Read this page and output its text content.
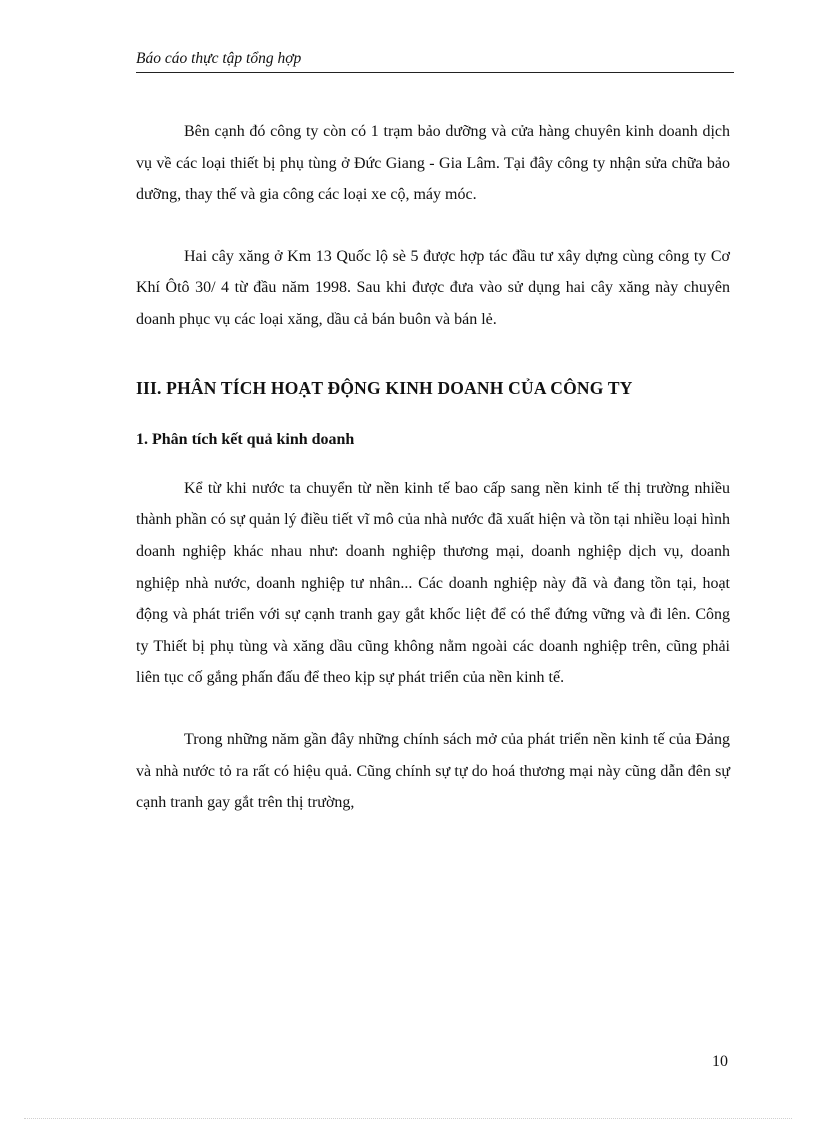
Báo cáo thực tập tổng hợp

Bên cạnh đó công ty còn có 1 trạm bảo dưỡng và cửa hàng chuyên kinh doanh dịch vụ về các loại thiết bị phụ tùng ở Đức Giang - Gia Lâm. Tại đây công ty nhận sửa chữa bảo dưỡng, thay thế và gia công các loại xe cộ, máy móc.

Hai cây xăng ở Km 13 Quốc lộ sè 5 được hợp tác đầu tư xây dựng cùng công ty Cơ Khí Ôtô 30/ 4 từ đầu năm 1998. Sau khi được đưa vào sử dụng hai cây xăng này chuyên doanh phục vụ các loại xăng, dầu cả bán buôn và bán lẻ.

III. PHÂN TÍCH HOẠT ĐỘNG KINH DOANH CỦA CÔNG TY
1. Phân tích kết quả kinh doanh

Kể từ khi nước ta chuyển từ nền kinh tế bao cấp sang nền kinh tế thị trường nhiều thành phần có sự quản lý điều tiết vĩ mô của nhà nước đã xuất hiện và tồn tại nhiều loại hình doanh nghiệp khác nhau như: doanh nghiệp thương mại, doanh nghiệp dịch vụ, doanh nghiệp nhà nước, doanh nghiệp tư nhân... Các doanh nghiệp này đã và đang tồn tại, hoạt động và phát triển với sự cạnh tranh gay gắt khốc liệt để có thể đứng vững và đi lên. Công ty Thiết bị phụ tùng và xăng dầu cũng không nằm ngoài các doanh nghiệp trên, cũng phải liên tục cố gắng phấn đấu để theo kịp sự phát triển của nền kinh tế.

Trong những năm gần đây những chính sách mở của phát triển nền kinh tế của Đảng và nhà nước tỏ ra rất có hiệu quả. Cũng chính sự tự do hoá thương mại này cũng dẫn đên sự cạnh tranh gay gắt trên thị trường,

10
